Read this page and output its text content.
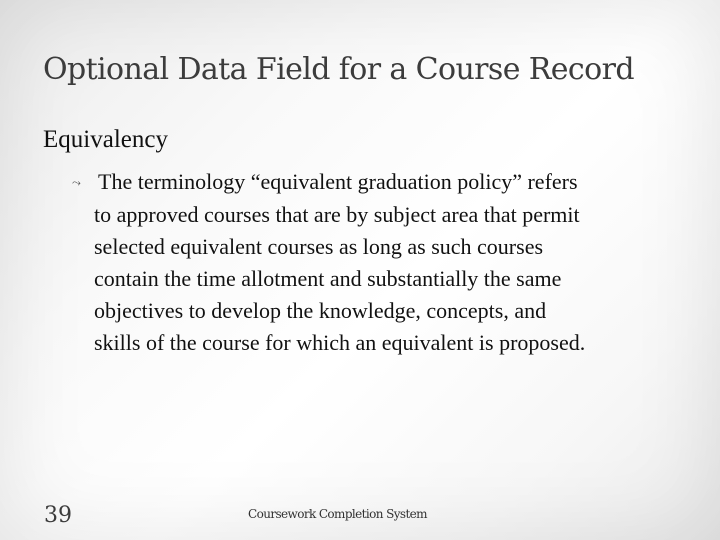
Optional Data Field for a Course Record
Equivalency
⤳ The terminology “equivalent graduation policy” refers
to approved courses that are by subject area that permit
selected equivalent courses as long as such courses
contain the time allotment and substantially the same
objectives to develop the knowledge, concepts, and
skills of the course for which an equivalent is proposed.
39	Coursework Completion System
